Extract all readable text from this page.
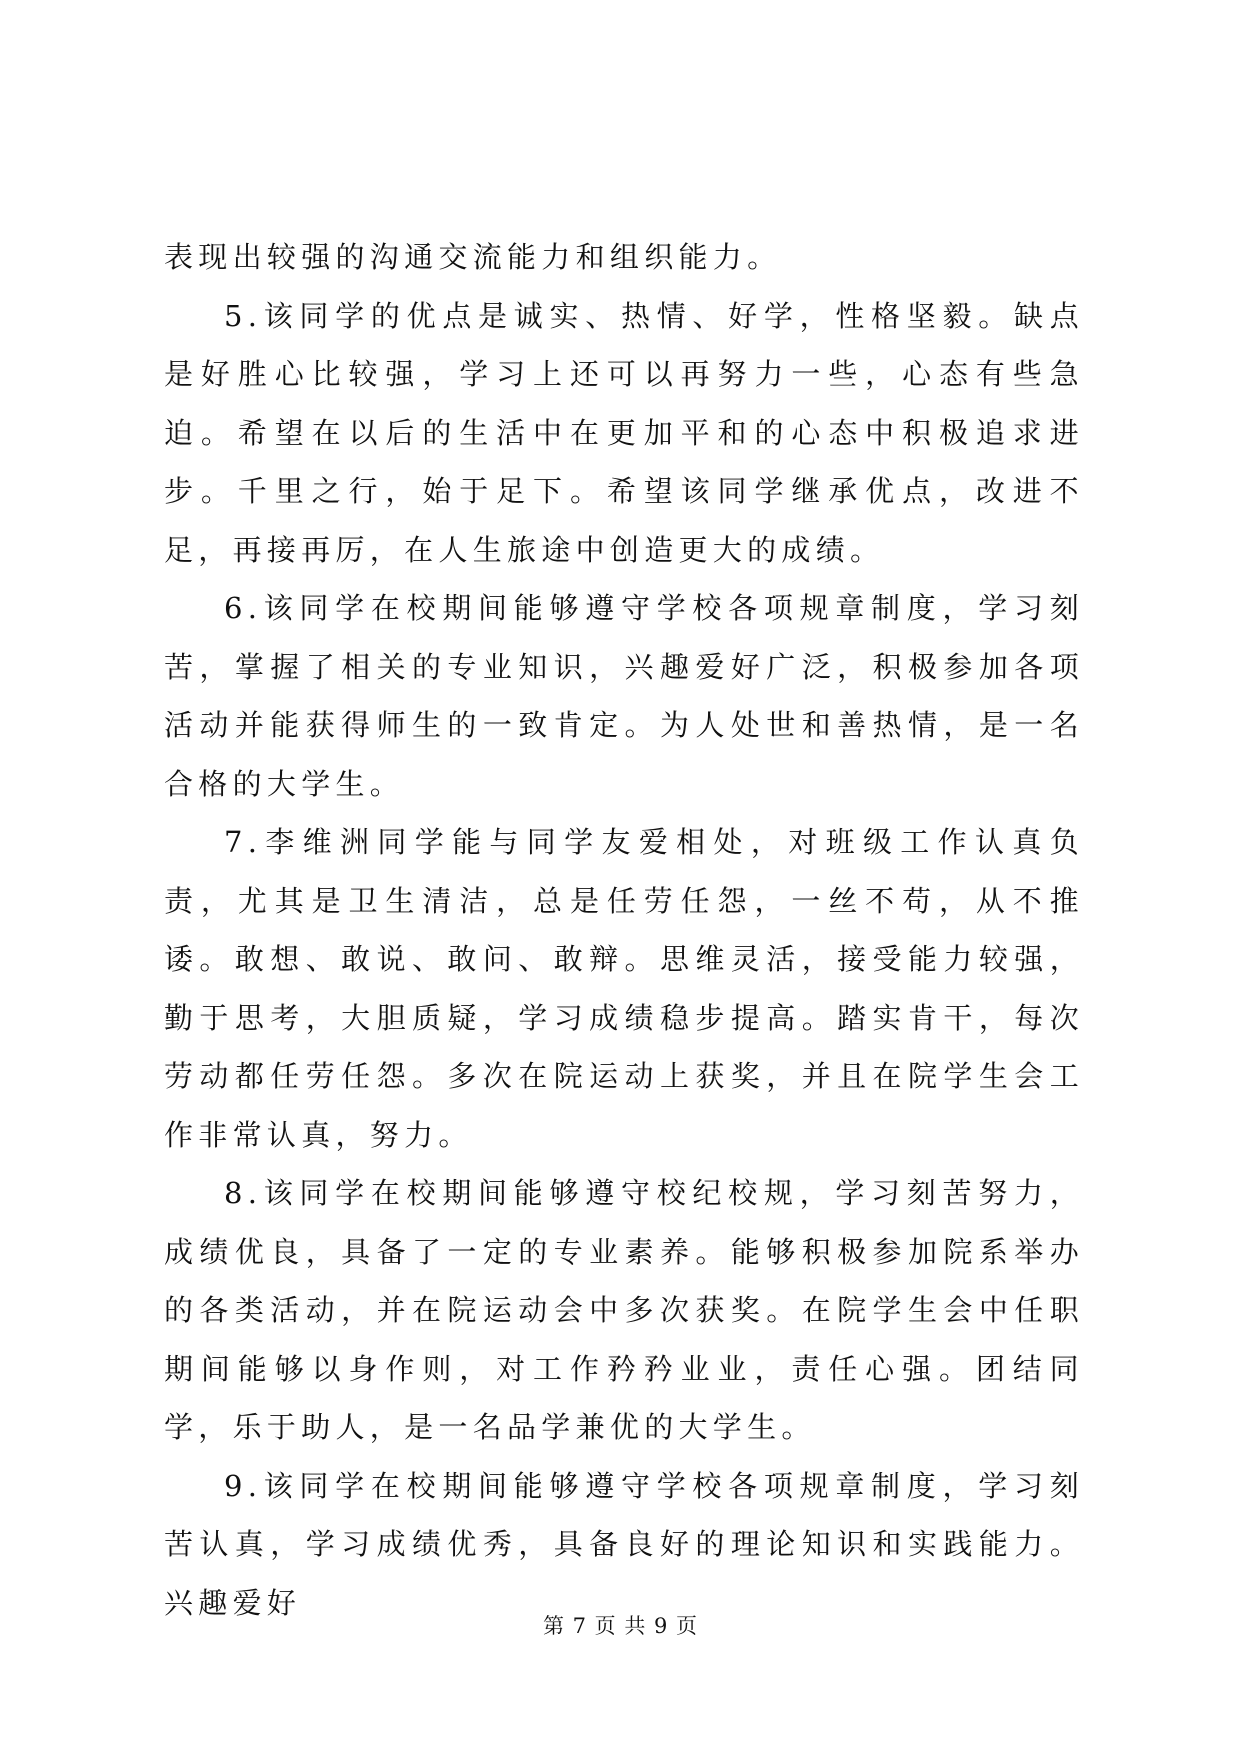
表现出较强的沟通交流能力和组织能力。

5.该同学的优点是诚实、热情、好学，性格坚毅。缺点是好胜心比较强，学习上还可以再努力一些，心态有些急迫。希望在以后的生活中在更加平和的心态中积极追求进步。千里之行，始于足下。希望该同学继承优点，改进不足，再接再厉，在人生旅途中创造更大的成绩。

6.该同学在校期间能够遵守学校各项规章制度，学习刻苦，掌握了相关的专业知识，兴趣爱好广泛，积极参加各项活动并能获得师生的一致肯定。为人处世和善热情，是一名合格的大学生。

7.李维洲同学能与同学友爱相处，对班级工作认真负责，尤其是卫生清洁，总是任劳任怨，一丝不苟，从不推诿。敢想、敢说、敢问、敢辩。思维灵活，接受能力较强，勤于思考，大胆质疑，学习成绩稳步提高。踏实肯干，每次劳动都任劳任怨。多次在院运动上获奖，并且在院学生会工作非常认真，努力。

8.该同学在校期间能够遵守校纪校规，学习刻苦努力，成绩优良，具备了一定的专业素养。能够积极参加院系举办的各类活动，并在院运动会中多次获奖。在院学生会中任职期间能够以身作则，对工作矜矜业业，责任心强。团结同学，乐于助人，是一名品学兼优的大学生。

9.该同学在校期间能够遵守学校各项规章制度，学习刻苦认真，学习成绩优秀，具备良好的理论知识和实践能力。兴趣爱好

第 7 页 共 9 页
